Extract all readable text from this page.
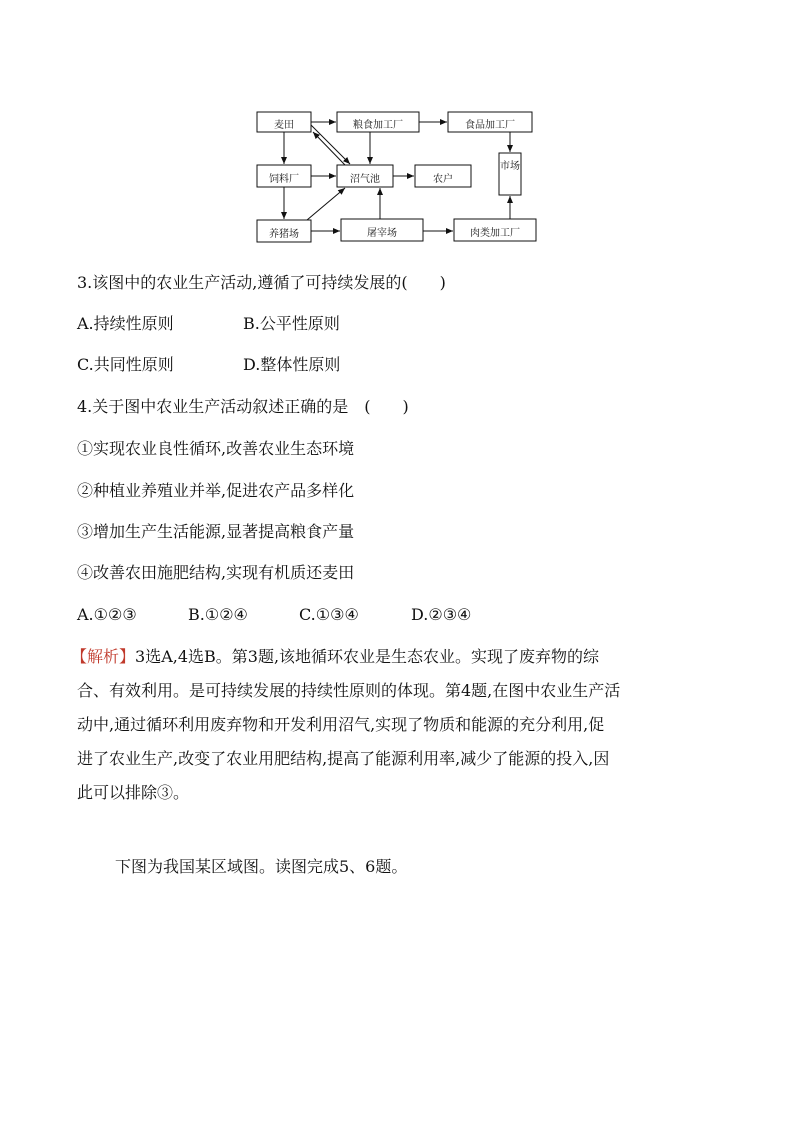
麦田	粮食加工厂	食品加工厂
市场
饲料厂	沼气池	农户
养猪场	屠宰场	肉类加工厂
3.该图中的农业生产活动,遵循了可持续发展的(　　)
A.持续性原则	B.公平性原则
C.共同性原则	D.整体性原则
4.关于图中农业生产活动叙述正确的是　(　　)
①实现农业良性循环,改善农业生态环境
②种植业养殖业并举,促进农产品多样化
③增加生产生活能源,显著提高粮食产量
④改善农田施肥结构,实现有机质还麦田
A.①②③	B.①②④	C.①③④	D.②③④
【解析】3选A,4选B。第3题,该地循环农业是生态农业。实现了废弃物的综
合、有效利用。是可持续发展的持续性原则的体现。第4题,在图中农业生产活
动中,通过循环利用废弃物和开发利用沼气,实现了物质和能源的充分利用,促
进了农业生产,改变了农业用肥结构,提高了能源利用率,减少了能源的投入,因
此可以排除③。
下图为我国某区域图。读图完成5、6题。
